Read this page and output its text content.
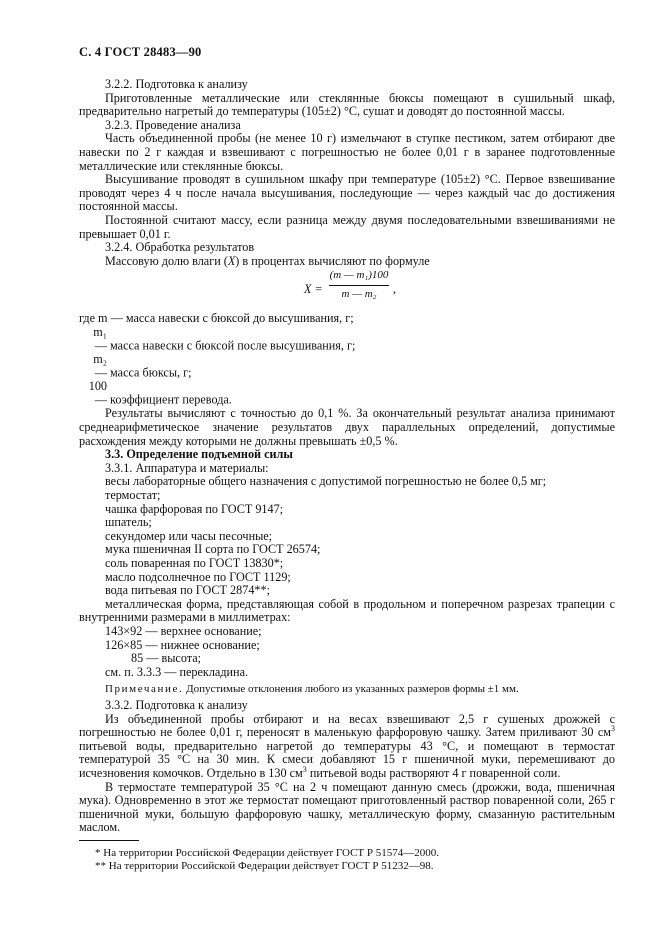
С. 4 ГОСТ 28483—90

3.2.2. Подготовка к анализу

Приготовленные металлические или стеклянные бюксы помещают в сушильный шкаф, предварительно нагретый до температуры (105±2) °С, сушат и доводят до постоянной массы.

3.2.3. Проведение анализа

Часть объединенной пробы (не менее 10 г) измельчают в ступке пестиком, затем отбирают две навески по 2 г каждая и взвешивают с погрешностью не более 0,01 г в заранее подготовленные металлические или стеклянные бюксы.

Высушивание проводят в сушильном шкафу при температуре (105±2) °С. Первое взвешивание проводят через 4 ч после начала высушивания, последующие — через каждый час до достижения постоянной массы.

Постоянной считают массу, если разница между двумя последовательными взвешиваниями не превышает 0,01 г.

3.2.4. Обработка результатов

Массовую долю влаги (X) в процентах вычисляют по формуле

X =
(m — m₁)100
m — m₂	,

где m — масса навески с бюксой до высушивания, г;

m₁ — масса навески с бюксой после высушивания, г;

m₂ — масса бюксы, г;

100 — коэффициент перевода.

Результаты вычисляют с точностью до 0,1 %. За окончательный результат анализа принимают среднеарифметическое значение результатов двух параллельных определений, допустимые расхождения между которыми не должны превышать ±0,5 %.

3.3. Определение подъемной силы

3.3.1. Аппаратура и материалы:

весы лабораторные общего назначения с допустимой погрешностью не более 0,5 мг;

термостат;

чашка фарфоровая по ГОСТ 9147;

шпатель;

секундомер или часы песочные;

мука пшеничная II сорта по ГОСТ 26574;

соль поваренная по ГОСТ 13830*;

масло подсолнечное по ГОСТ 1129;

вода питьевая по ГОСТ 2874**;

металлическая форма, представляющая собой в продольном и поперечном разрезах трапеции с внутренними размерами в миллиметрах:

143×92 — верхнее основание;

126×85 — нижнее основание;

85 — высота;

см. п. 3.3.3 — перекладина.

Примечание. Допустимые отклонения любого из указанных размеров формы ±1 мм.

3.3.2. Подготовка к анализу

Из объединенной пробы отбирают и на весах взвешивают 2,5 г сушеных дрожжей с погрешностью не более 0,01 г, переносят в маленькую фарфоровую чашку. Затем приливают 30 $см^3$ питьевой воды, предварительно нагретой до температуры 43 °С, и помещают в термостат температурой 35 °С на 30 мин. К смеси добавляют 15 г пшеничной муки, перемешивают до исчезновения комочков. Отдельно в 130 $см^3$ питьевой воды растворяют 4 г поваренной соли.

В термостате температурой 35 °С на 2 ч помещают данную смесь (дрожжи, вода, пшеничная мука). Одновременно в этот же термостат помещают приготовленный раствор поваренной соли, 265 г пшеничной муки, большую фарфоровую чашку, металлическую форму, смазанную растительным маслом.

* На территории Российской Федерации действует ГОСТ Р 51574—2000.

** На территории Российской Федерации действует ГОСТ Р 51232—98.
